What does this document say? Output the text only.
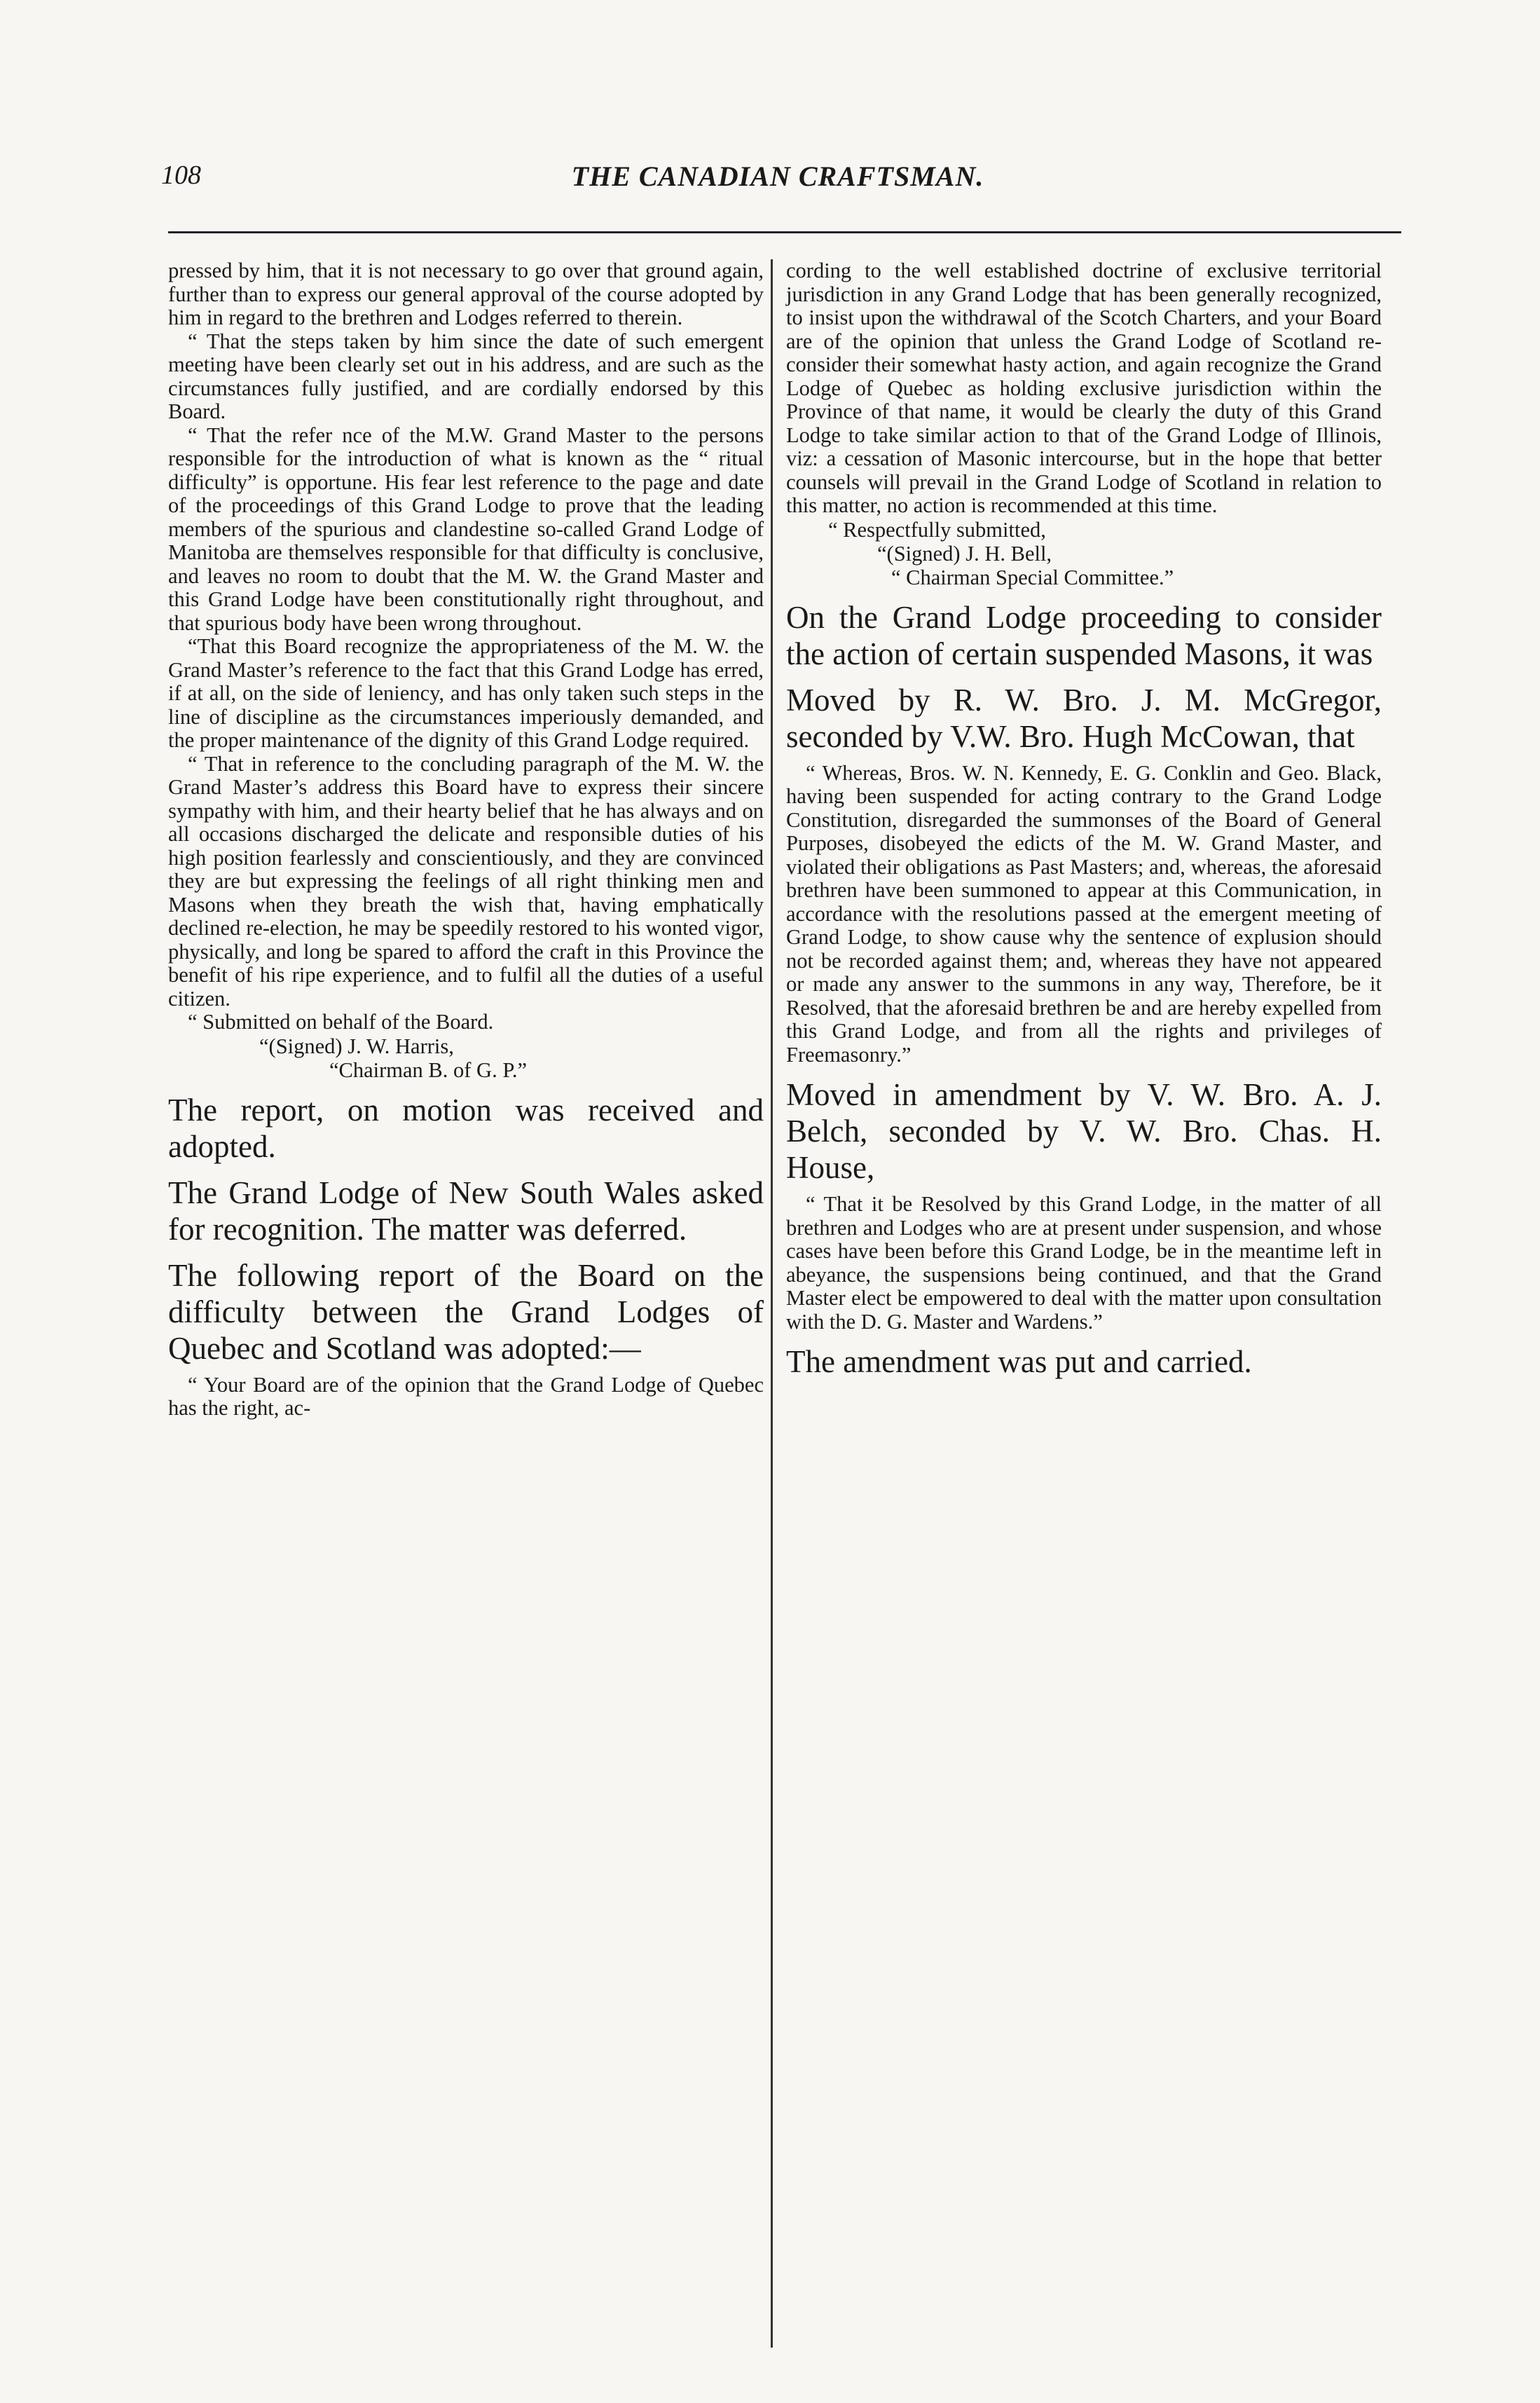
108	THE CANADIAN CRAFTSMAN.

pressed by him, that it is not necessary to go over that ground again, further than to express our general approval of the course adopted by him in regard to the brethren and Lodges referred to therein.

“ That the steps taken by him since the date of such emergent meeting have been clearly set out in his address, and are such as the circumstances fully justified, and are cordially endorsed by this Board.

“ That the refer nce of the M.W. Grand Master to the persons responsible for the introduction of what is known as the “ ritual difficulty” is opportune. His fear lest reference to the page and date of the proceedings of this Grand Lodge to prove that the leading members of the spurious and clandestine so-called Grand Lodge of Manitoba are themselves responsible for that difficulty is conclusive, and leaves no room to doubt that the M. W. the Grand Master and this Grand Lodge have been constitutionally right throughout, and that spurious body have been wrong throughout.

“That this Board recognize the appropriateness of the M. W. the Grand Master’s reference to the fact that this Grand Lodge has erred, if at all, on the side of leniency, and has only taken such steps in the line of discipline as the circumstances imperiously demanded, and the proper maintenance of the dignity of this Grand Lodge required.

“ That in reference to the concluding paragraph of the M. W. the Grand Master’s address this Board have to express their sincere sympathy with him, and their hearty belief that he has always and on all occasions discharged the delicate and responsible duties of his high position fearlessly and conscientiously, and they are convinced they are but expressing the feelings of all right thinking men and Masons when they breath the wish that, having emphatically declined re-election, he may be speedily restored to his wonted vigor, physically, and long be spared to afford the craft in this Province the benefit of his ripe experience, and to fulfil all the duties of a useful citizen.

“ Submitted on behalf of the Board.

“(Signed) J. W. Harris,

“Chairman B. of G. P.”

The report, on motion was received and adopted.

The Grand Lodge of New South Wales asked for recognition. The matter was deferred.

The following report of the Board on the difficulty between the Grand Lodges of Quebec and Scotland was adopted:—

“ Your Board are of the opinion that the Grand Lodge of Quebec has the right, ac-

cording to the well established doctrine of exclusive territorial jurisdiction in any Grand Lodge that has been generally recognized, to insist upon the withdrawal of the Scotch Charters, and your Board are of the opinion that unless the Grand Lodge of Scotland re-consider their somewhat hasty action, and again recognize the Grand Lodge of Quebec as holding exclusive jurisdiction within the Province of that name, it would be clearly the duty of this Grand Lodge to take similar action to that of the Grand Lodge of Illinois, viz: a cessation of Masonic intercourse, but in the hope that better counsels will prevail in the Grand Lodge of Scotland in relation to this matter, no action is recommended at this time.

“ Respectfully submitted,

“(Signed) J. H. Bell,

“ Chairman Special Committee.”

On the Grand Lodge proceeding to consider the action of certain suspended Masons, it was

Moved by R. W. Bro. J. M. McGregor, seconded by V.W. Bro. Hugh McCowan, that

“ Whereas, Bros. W. N. Kennedy, E. G. Conklin and Geo. Black, having been suspended for acting contrary to the Grand Lodge Constitution, disregarded the summonses of the Board of General Purposes, disobeyed the edicts of the M. W. Grand Master, and violated their obligations as Past Masters; and, whereas, the aforesaid brethren have been summoned to appear at this Communication, in accordance with the resolutions passed at the emergent meeting of Grand Lodge, to show cause why the sentence of explusion should not be recorded against them; and, whereas they have not appeared or made any answer to the summons in any way, Therefore, be it Resolved, that the aforesaid brethren be and are hereby expelled from this Grand Lodge, and from all the rights and privileges of Freemasonry.”

Moved in amendment by V. W. Bro. A. J. Belch, seconded by V. W. Bro. Chas. H. House,

“ That it be Resolved by this Grand Lodge, in the matter of all brethren and Lodges who are at present under suspension, and whose cases have been before this Grand Lodge, be in the meantime left in abeyance, the suspensions being continued, and that the Grand Master elect be empowered to deal with the matter upon consultation with the D. G. Master and Wardens.”

The amendment was put and carried.
